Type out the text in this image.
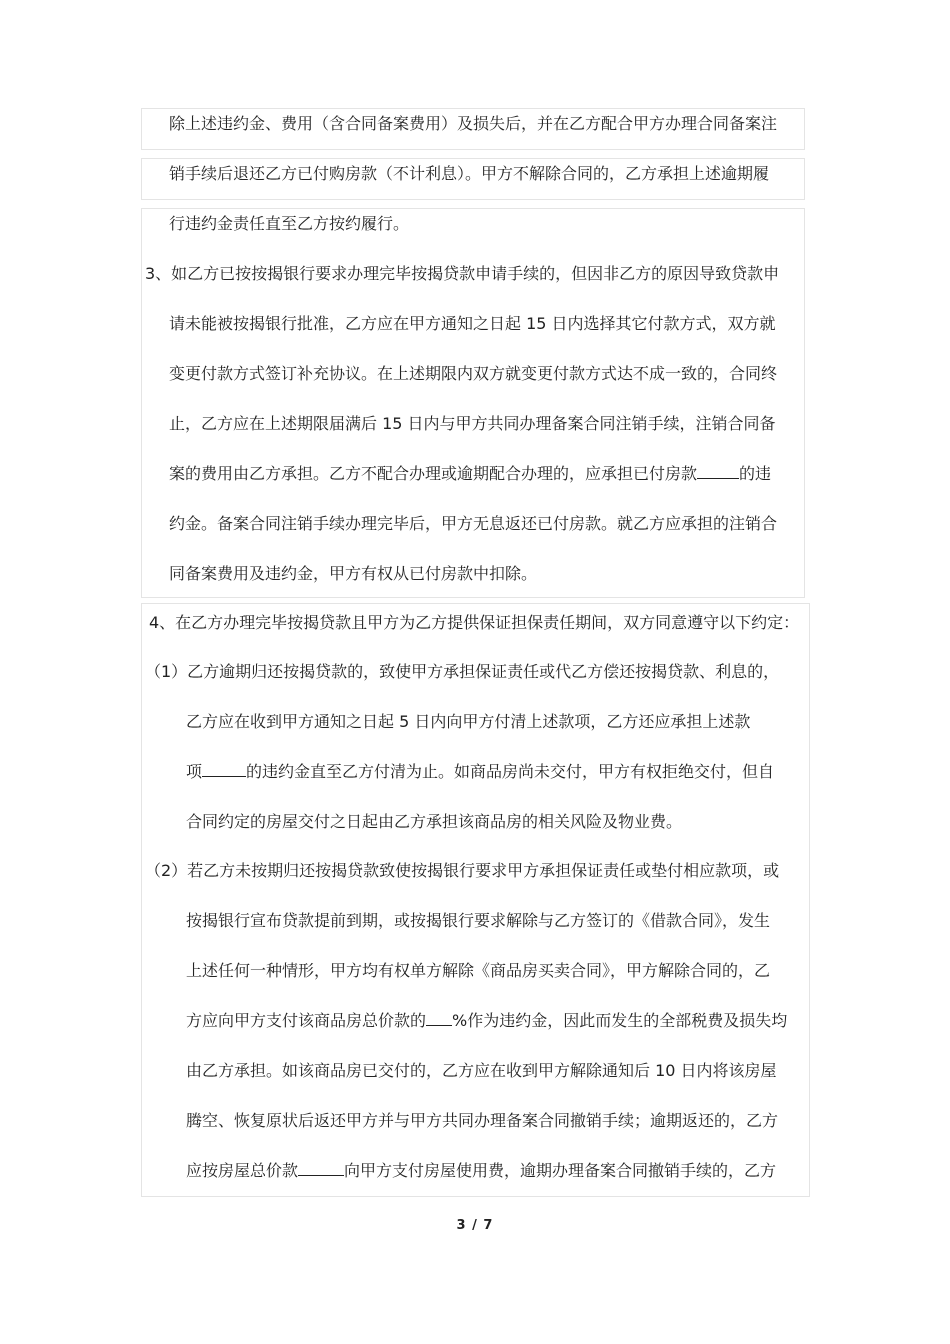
除上述违约金、费用（含合同备案费用）及损失后，并在乙方配合甲方办理合同备案注
销手续后退还乙方已付购房款（不计利息）。甲方不解除合同的，乙方承担上述逾期履
行违约金责任直至乙方按约履行。
3、如乙方已按按揭银行要求办理完毕按揭贷款申请手续的，但因非乙方的原因导致贷款申
请未能被按揭银行批准，乙方应在甲方通知之日起 15 日内选择其它付款方式，双方就
变更付款方式签订补充协议。在上述期限内双方就变更付款方式达不成一致的，合同终
止，乙方应在上述期限届满后 15 日内与甲方共同办理备案合同注销手续，注销合同备
案的费用由乙方承担。乙方不配合办理或逾期配合办理的，应承担已付房款	的违
约金。备案合同注销手续办理完毕后，甲方无息返还已付房款。就乙方应承担的注销合
同备案费用及违约金，甲方有权从已付房款中扣除。
4、在乙方办理完毕按揭贷款且甲方为乙方提供保证担保责任期间，双方同意遵守以下约定：
（1）乙方逾期归还按揭贷款的，致使甲方承担保证责任或代乙方偿还按揭贷款、利息的，
乙方应在收到甲方通知之日起 5 日内向甲方付清上述款项，乙方还应承担上述款
项	的违约金直至乙方付清为止。如商品房尚未交付，甲方有权拒绝交付，但自
合同约定的房屋交付之日起由乙方承担该商品房的相关风险及物业费。
（2）若乙方未按期归还按揭贷款致使按揭银行要求甲方承担保证责任或垫付相应款项，或
按揭银行宣布贷款提前到期，或按揭银行要求解除与乙方签订的《借款合同》，发生
上述任何一种情形，甲方均有权单方解除《商品房买卖合同》，甲方解除合同的，乙
方应向甲方支付该商品房总价款的 %作为违约金，因此而发生的全部税费及损失均
由乙方承担。如该商品房已交付的，乙方应在收到甲方解除通知后 10 日内将该房屋
腾空、恢复原状后返还甲方并与甲方共同办理备案合同撤销手续；逾期返还的，乙方
应按房屋总价款	向甲方支付房屋使用费，逾期办理备案合同撤销手续的，乙方
3 / 7
